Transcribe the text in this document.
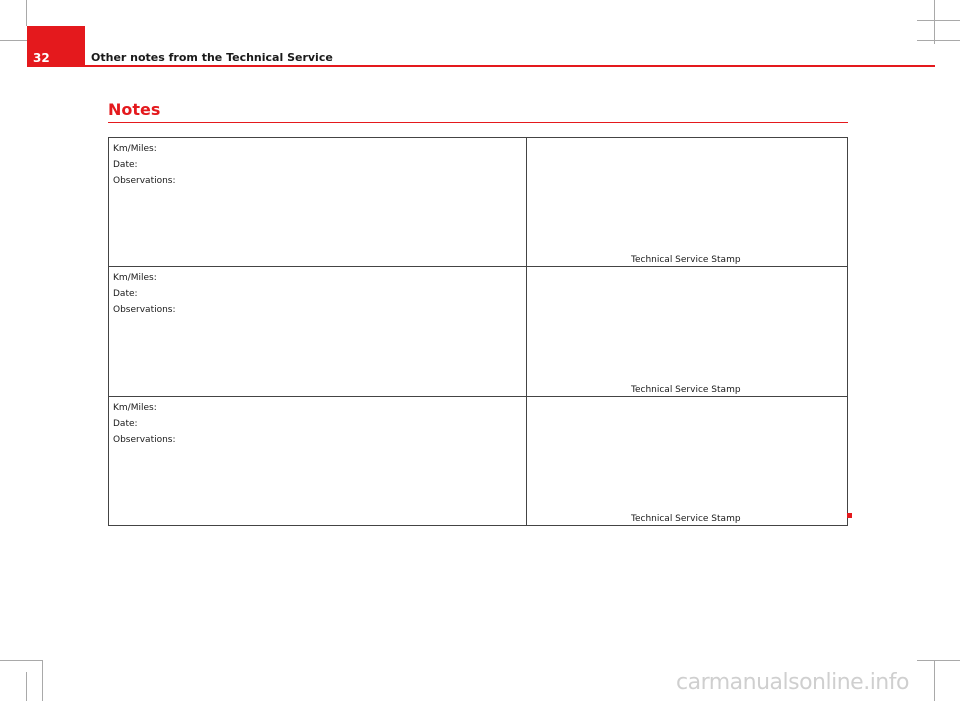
32	Other notes from the Technical Service
Notes
Km/Miles:
Date:
Observations:
Technical Service Stamp
Km/Miles:
Date:
Observations:
Technical Service Stamp
Km/Miles:
Date:
Observations:
Technical Service Stamp
carmanualsonline.info
